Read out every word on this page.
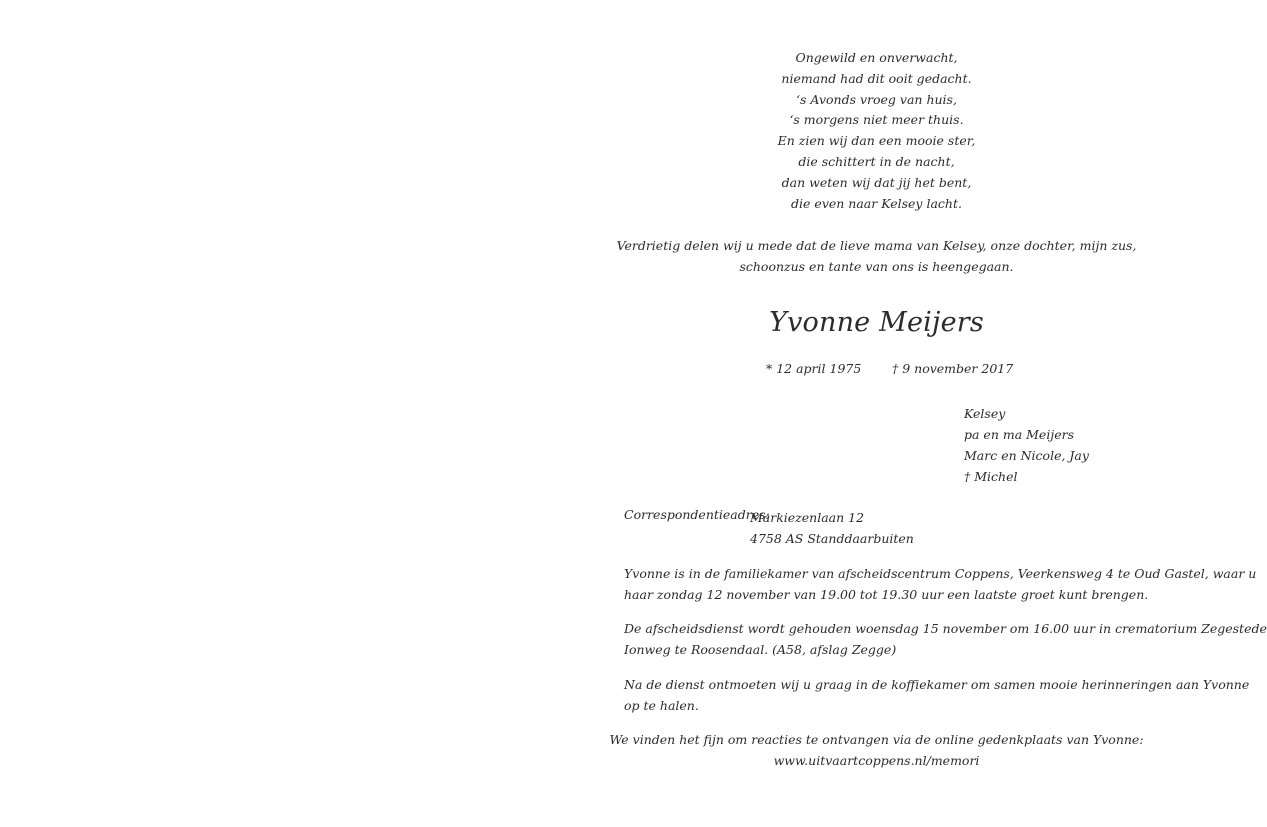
Ongewild en onverwacht,
niemand had dit ooit gedacht.
‘s Avonds vroeg van huis,
‘s morgens niet meer thuis.
En zien wij dan een mooie ster,
die schittert in de nacht,
dan weten wij dat jij het bent,
die even naar Kelsey lacht.
Verdrietig delen wij u mede dat de lieve mama van Kelsey, onze dochter, mijn zus,
schoonzus en tante van ons is heengegaan.
Yvonne Meijers
* 12 april 1975 † 9 november 2017
Kelsey
pa en ma Meijers
Marc en Nicole, Jay
† Michel
Correspondentieadres:
Markiezenlaan 12
4758 AS Standdaarbuiten
Yvonne is in de familiekamer van afscheidscentrum Coppens, Veerkensweg 4 te Oud Gastel, waar u
haar zondag 12 november van 19.00 tot 19.30 uur een laatste groet kunt brengen.
De afscheidsdienst wordt gehouden woensdag 15 november om 16.00 uur in crematorium Zegestede
Ionweg te Roosendaal. (A58, afslag Zegge)
Na de dienst ontmoeten wij u graag in de koffiekamer om samen mooie herinneringen aan Yvonne
op te halen.
We vinden het fijn om reacties te ontvangen via de online gedenkplaats van Yvonne:
www.uitvaartcoppens.nl/memori
